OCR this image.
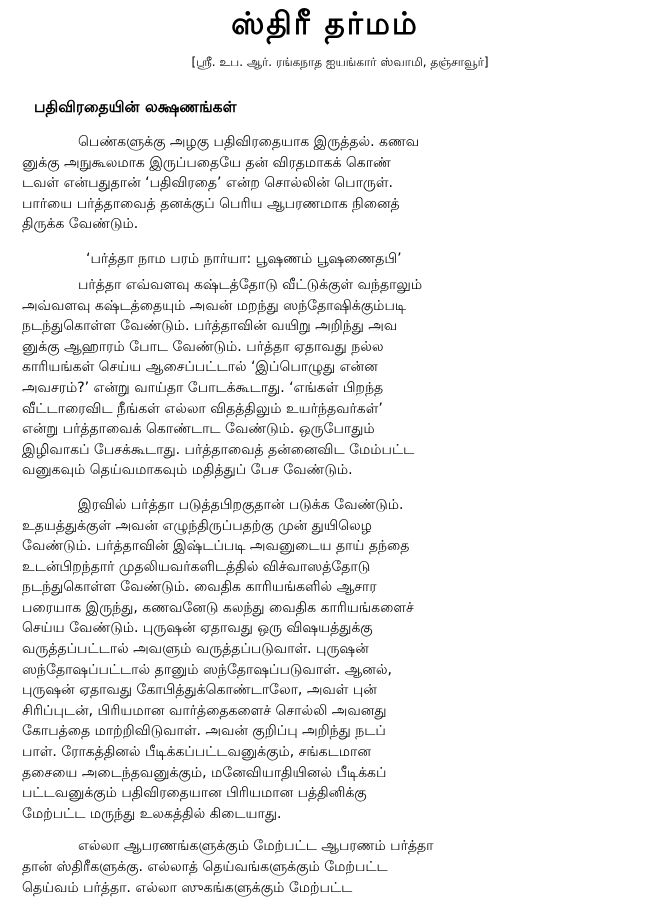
ஸ்திரீ தர்மம்
[ஸ்ரீ. உப. ஆர். ரங்கநாத ஐயங்கார் ஸ்வாமி, தஞ்சாவூர்]
பதிவிரதையின் லக்ஷணங்கள்
பெண்களுக்கு அழகு பதிவிரதையாக இருத்தல். கணவ
னுக்கு அநுகூலமாக இருப்பதையே தன் விரதமாகக் கொண்
டவள் என்பதுதான் ‘பதிவிரதை’ என்ற சொல்லின் பொருள்.
பார்யை பர்த்தாவைத் தனக்குப் பெரிய ஆபரணமாக நினைத்
திருக்க வேண்டும்.
‘பர்த்தா நாம பரம் நார்யா: பூஷணம் பூஷணைதபி’
பர்த்தா எவ்வளவு கஷ்டத்தோடு வீட்டுக்குள் வந்தாலும்
அவ்வளவு கஷ்டத்தையும் அவன் மறந்து ஸந்தோஷிக்கும்படி
நடந்துகொள்ள வேண்டும். பர்த்தாவின் வயிறு அறிந்து அவ
னுக்கு ஆஹாரம் போட வேண்டும். பர்த்தா ஏதாவது நல்ல
காரியங்கள் செய்ய ஆசைப்பட்டால் ‘இப்பொழுது என்ன
அவசரம்?’ என்று வாய்தா போடக்கூடாது. ‘எங்கள் பிறந்த
வீட்டாரைவிட நீங்கள் எல்லா விதத்திலும் உயர்ந்தவர்கள்’
என்று பர்த்தாவைக் கொண்டாட வேண்டும். ஒருபோதும்
இழிவாகப் பேசக்கூடாது. பர்த்தாவைத் தன்னைவிட மேம்பட்ட
வனுகவும் தெய்வமாகவும் மதித்துப் பேச வேண்டும்.
இரவில் பர்த்தா படுத்தபிறகுதான் படுக்க வேண்டும்.
உதயத்துக்குள் அவன் எழுந்திருப்பதற்கு முன் துயிலெழ
வேண்டும். பர்த்தாவின் இஷ்டப்படி அவனுடைய தாய் தந்தை
உடன்பிறந்தார் முதலியவர்களிடத்தில் விச்வாஸத்தோடு
நடந்துகொள்ள வேண்டும். வைதிக காரியங்களில் ஆசார
பரையாக இருந்து, கணவனேடு கலந்து வைதிக காரியங்களைச்
செய்ய வேண்டும். புருஷன் ஏதாவது ஒரு விஷயத்துக்கு
வருத்தப்பட்டால் அவளும் வருத்தப்படுவாள். புருஷன்
ஸந்தோஷப்பட்டால் தானும் ஸந்தோஷப்படுவாள். ஆனல்,
புருஷன் ஏதாவது கோபித்துக்கொண்டாலோ, அவள் புன்
சிரிப்புடன், பிரியமான வார்த்தைகளைச் சொல்லி அவனது
கோபத்தை மாற்றிவிடுவாள். அவன் குறிப்பு அறிந்து நடப்
பாள். ரோகத்தினல் பீடிக்கப்பட்டவனுக்கும், சங்கடமான
தசையை அடைந்தவனுக்கும், மனேவியாதியினல் பீடிக்கப்
பட்டவனுக்கும் பதிவிரதையான பிரியமான பத்தினிக்கு
மேற்பட்ட மருந்து உலகத்தில் கிடையாது.
எல்லா ஆபரணங்களுக்கும் மேற்பட்ட ஆபரணம் பர்த்தா
தான் ஸ்திரீகளுக்கு. எல்லாத் தெய்வங்களுக்கும் மேற்பட்ட
தெய்வம் பர்த்தா. எல்லா ஸுகங்களுக்கும் மேற்பட்ட
